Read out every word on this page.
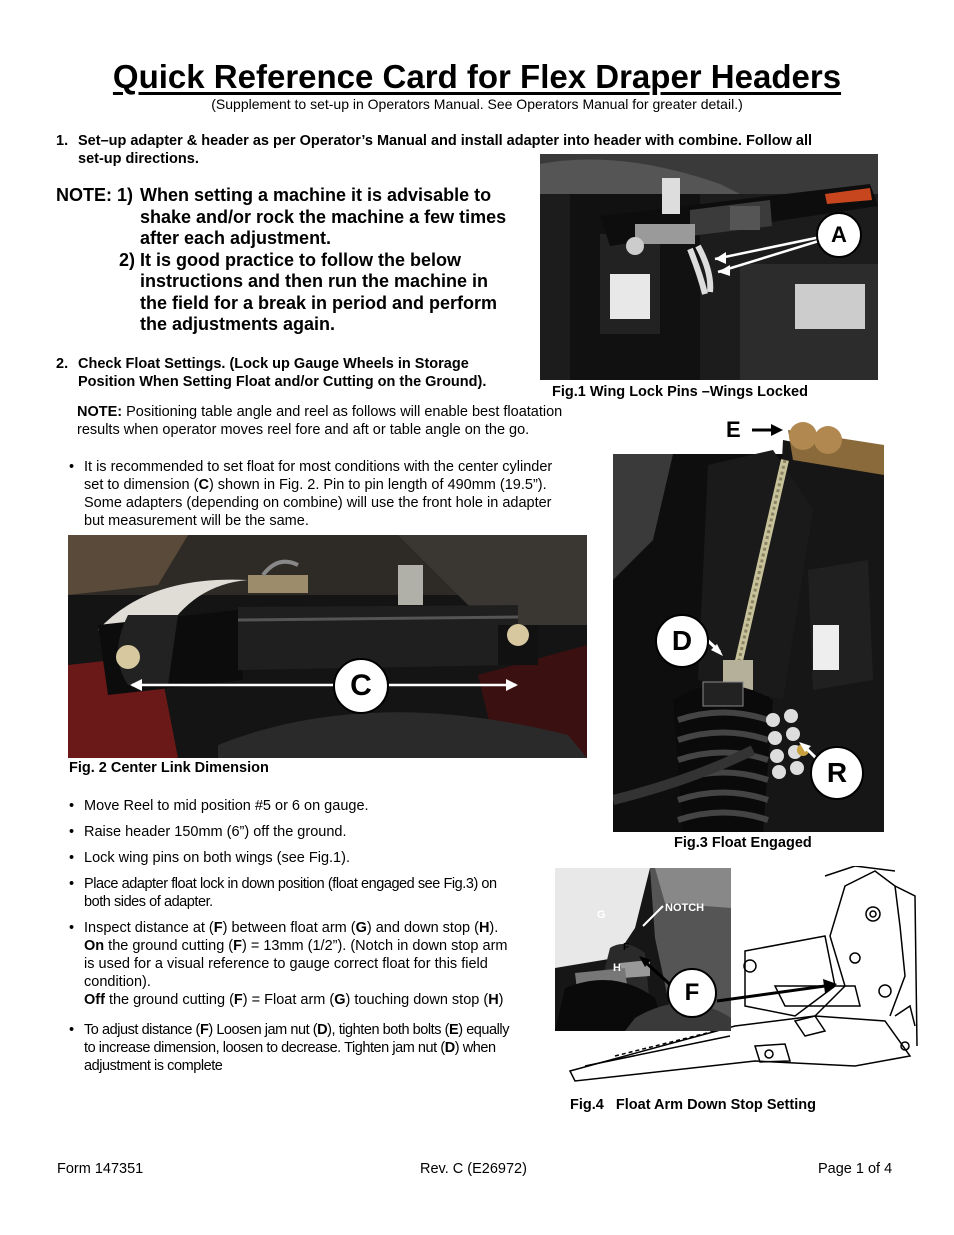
Quick Reference Card for Flex Draper Headers
(Supplement to set-up in Operators Manual. See Operators Manual for greater detail.)
1. Set–up adapter & header as per Operator’s Manual and install adapter into header with combine. Follow all
set-up directions.
NOTE: 1) When setting a machine it is advisable to
shake and/or rock the machine a few times
after each adjustment.
2) It is good practice to follow the below
instructions and then run the machine in
the field for a break in period and perform
the adjustments again.
2. Check Float Settings. (Lock up Gauge Wheels in Storage
Position When Setting Float and/or Cutting on the Ground).
NOTE: Positioning table angle and reel as follows will enable best floatation
results when operator moves reel fore and aft or table angle on the go.
• It is recommended to set float for most conditions with the center cylinder
set to dimension (C) shown in Fig. 2. Pin to pin length of 490mm (19.5”).
Some adapters (depending on combine) will use the front hole in adapter
but measurement will be the same.
A
Fig.1 Wing Lock Pins –Wings Locked
D
R
E
Fig.3 Float Engaged
C
Fig. 2 Center Link Dimension
• Move Reel to mid position #5 or 6 on gauge.
• Raise header 150mm (6”) off the ground.
• Lock wing pins on both wings (see Fig.1).
• Place adapter float lock in down position (float engaged see Fig.3) on
both sides of adapter.
• Inspect distance at (F) between float arm (G) and down stop (H).
On the ground cutting (F) = 13mm (1/2”). (Notch in down stop arm
is used for a visual reference to gauge correct float for this field
condition).
Off the ground cutting (F) = Float arm (G) touching down stop (H)
• To adjust distance (F) Loosen jam nut (D), tighten both bolts (E) equally
to increase dimension, loosen to decrease. Tighten jam nut (D) when
adjustment is complete
NOTCH
G
H
F
F
Fig.4   Float Arm Down Stop Setting
Form 147351	Rev. C (E26972)	Page 1 of 4
